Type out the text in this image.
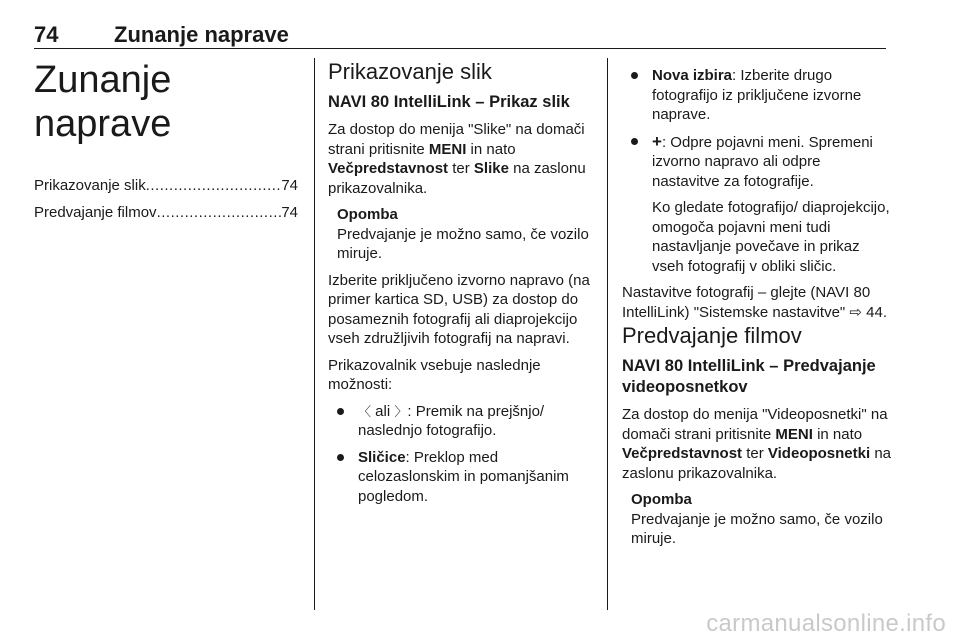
74	Zunanje naprave
Zunanje naprave
Prikazovanje slik .....	74
Predvajanje filmov .....	74
Prikazovanje slik
NAVI 80 IntelliLink – Prikaz slik

Za dostop do menija "Slike" na domači strani pritisnite MENI in nato Večpredstavnost ter Slike na zaslonu prikazovalnika.

Opomba

Predvajanje je možno samo, če vozilo miruje.

Izberite priključeno izvorno napravo (na primer kartica SD, USB) za dostop do posameznih fotografij ali diaprojekcijo vseh združljivih fotografij na napravi.

Prikazovalnik vsebuje naslednje možnosti:

〈 ali 〉: Premik na prejšnjo/ naslednjo fotografijo.

Sličice: Preklop med celozaslonskim in pomanjšanim pogledom.

Nova izbira: Izberite drugo fotografijo iz priključene izvorne naprave.

+: Odpre pojavni meni. Spremeni izvorno napravo ali odpre nastavitve za fotografije.

Ko gledate fotografijo/ diaprojekcijo, omogoča pojavni meni tudi nastavljanje povečave in prikaz vseh fotografij v obliki sličic.

Nastavitve fotografij – glejte (NAVI 80 IntelliLink) "Sistemske nastavitve" ⇨ 44.

Predvajanje filmov
NAVI 80 IntelliLink – Predvajanje videoposnetkov

Za dostop do menija "Videoposnetki" na domači strani pritisnite MENI in nato Večpredstavnost ter Videoposnetki na zaslonu prikazovalnika.

Opomba

Predvajanje je možno samo, če vozilo miruje.

carmanualsonline.info
